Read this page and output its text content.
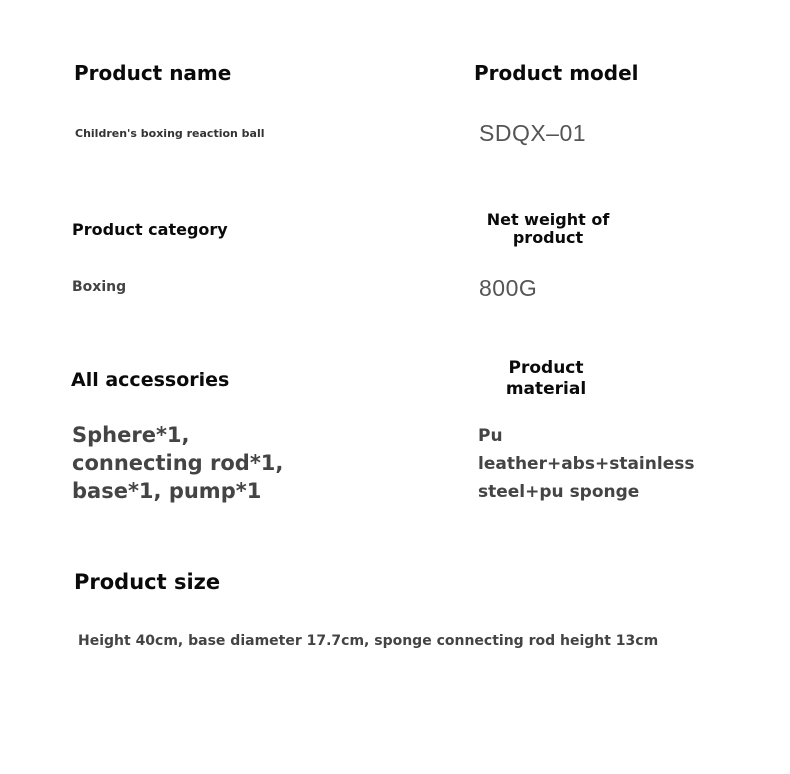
Product name
Children's boxing reaction ball
Product model
SDQX–01
Product category
Boxing
Net weight of
product
800G
All accessories
Sphere*1,
connecting rod*1,
base*1, pump*1
Product
material
Pu
leather+abs+stainless
steel+pu sponge
Product size
Height 40cm, base diameter 17.7cm, sponge connecting rod height 13cm
